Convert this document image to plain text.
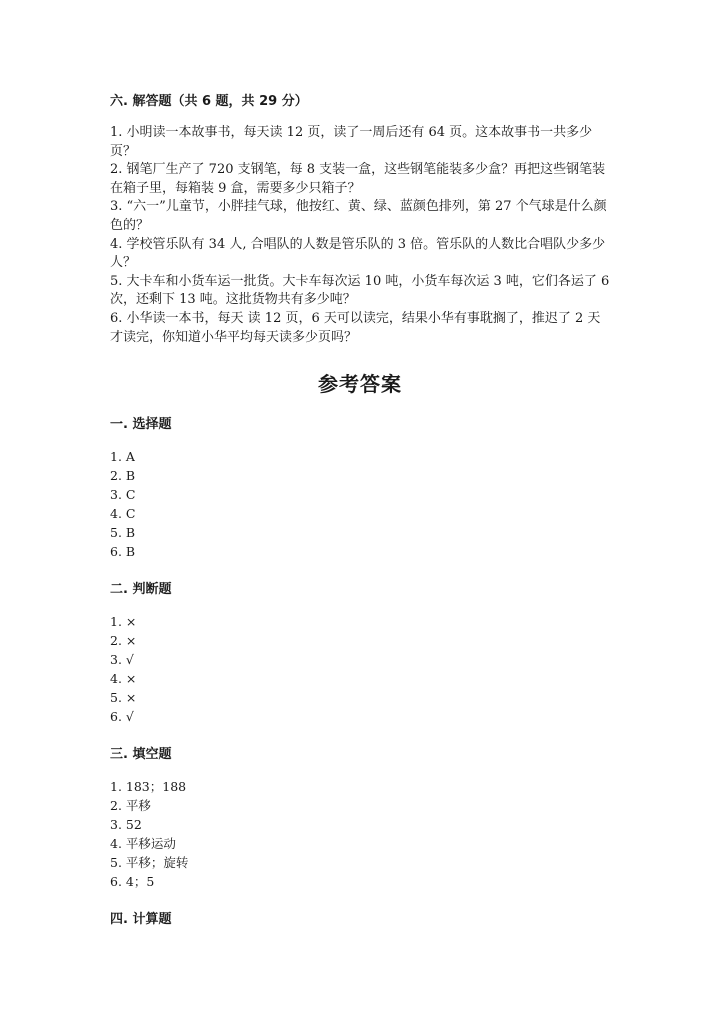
六. 解答题（共 6 题，共 29 分）

1. 小明读一本故事书，每天读 12 页，读了一周后还有 64 页。这本故事书一共多少页？

2. 钢笔厂生产了 720 支钢笔，每 8 支装一盒，这些钢笔能装多少盒？再把这些钢笔装在箱子里，每箱装 9 盒，需要多少只箱子？

3. “六一”儿童节，小胖挂气球，他按红、黄、绿、蓝颜色排列，第 27 个气球是什么颜色的？

4. 学校管乐队有 34 人, 合唱队的人数是管乐队的 3 倍。管乐队的人数比合唱队少多少人？

5. 大卡车和小货车运一批货。大卡车每次运 10 吨，小货车每次运 3 吨，它们各运了 6 次，还剩下 13 吨。这批货物共有多少吨？

6. 小华读一本书，每天 读 12 页，6 天可以读完，结果小华有事耽搁了，推迟了 2 天才读完，你知道小华平均每天读多少页吗？

参考答案
一. 选择题
1. A
2. B
3. C
4. C
5. B
6. B
二. 判断题
1. ×
2. ×
3. √
4. ×
5. ×
6. √
三. 填空题
1. 183；188
2. 平移
3. 52
4. 平移运动
5. 平移；旋转
6. 4；5
四. 计算题
